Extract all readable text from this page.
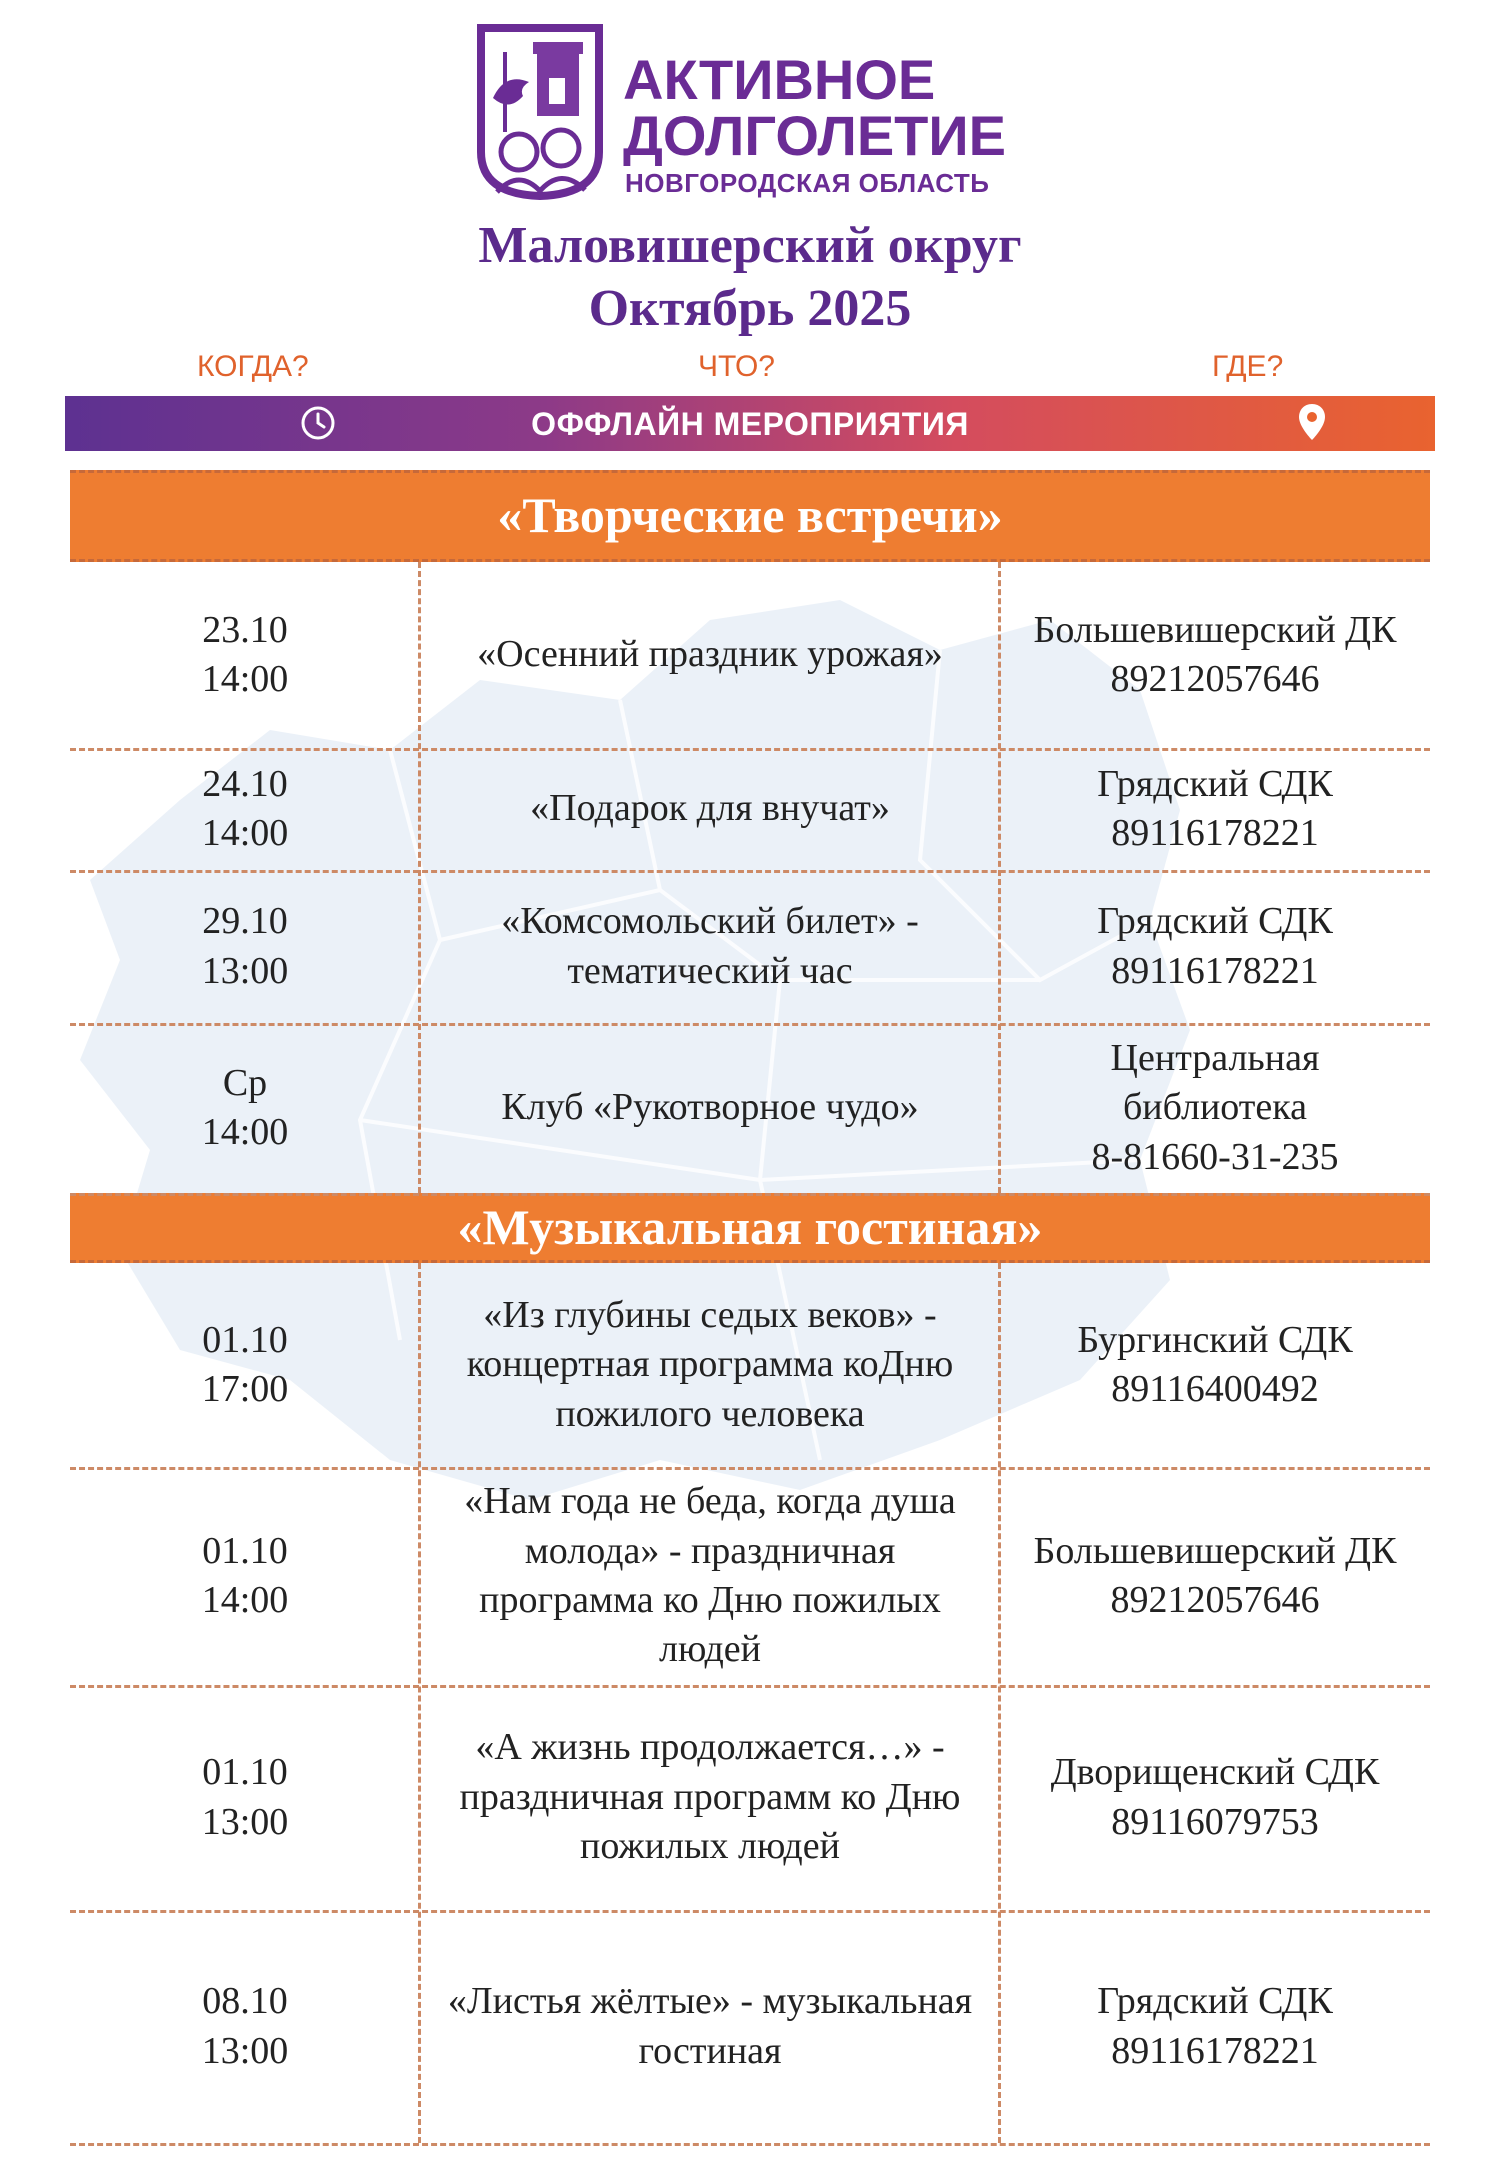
АКТИВНОЕ
ДОЛГОЛЕТИЕ
НОВГОРОДСКАЯ ОБЛАСТЬ
Маловишерский округ
Октябрь 2025
КОГДА?	ЧТО?	ГДЕ?
ОФФЛАЙН МЕРОПРИЯТИЯ
«Творческие встречи»
23.10
14:00
«Осенний праздник урожая»
Большевишерский ДК
89212057646
24.10
14:00
«Подарок для внучат»
Грядский СДК
89116178221
29.10
13:00
«Комсомольский билет» -
тематический час
Грядский СДК
89116178221
Ср
14:00
Клуб «Рукотворное чудо»
Центральная
библиотека
8-81660-31-235
«Музыкальная гостиная»
01.10
17:00
«Из глубины седых веков» -
концертная программа коДню
пожилого человека
Бургинский СДК
89116400492
01.10
14:00
«Нам года не беда, когда душа
молода» - праздничная
программа ко Дню пожилых
людей
Большевишерский ДК
89212057646
01.10
13:00
«А жизнь продолжается…» -
праздничная программ ко Дню
пожилых людей
Дворищенский СДК
89116079753
08.10
13:00
«Листья жёлтые» - музыкальная
гостиная
Грядский СДК
89116178221
